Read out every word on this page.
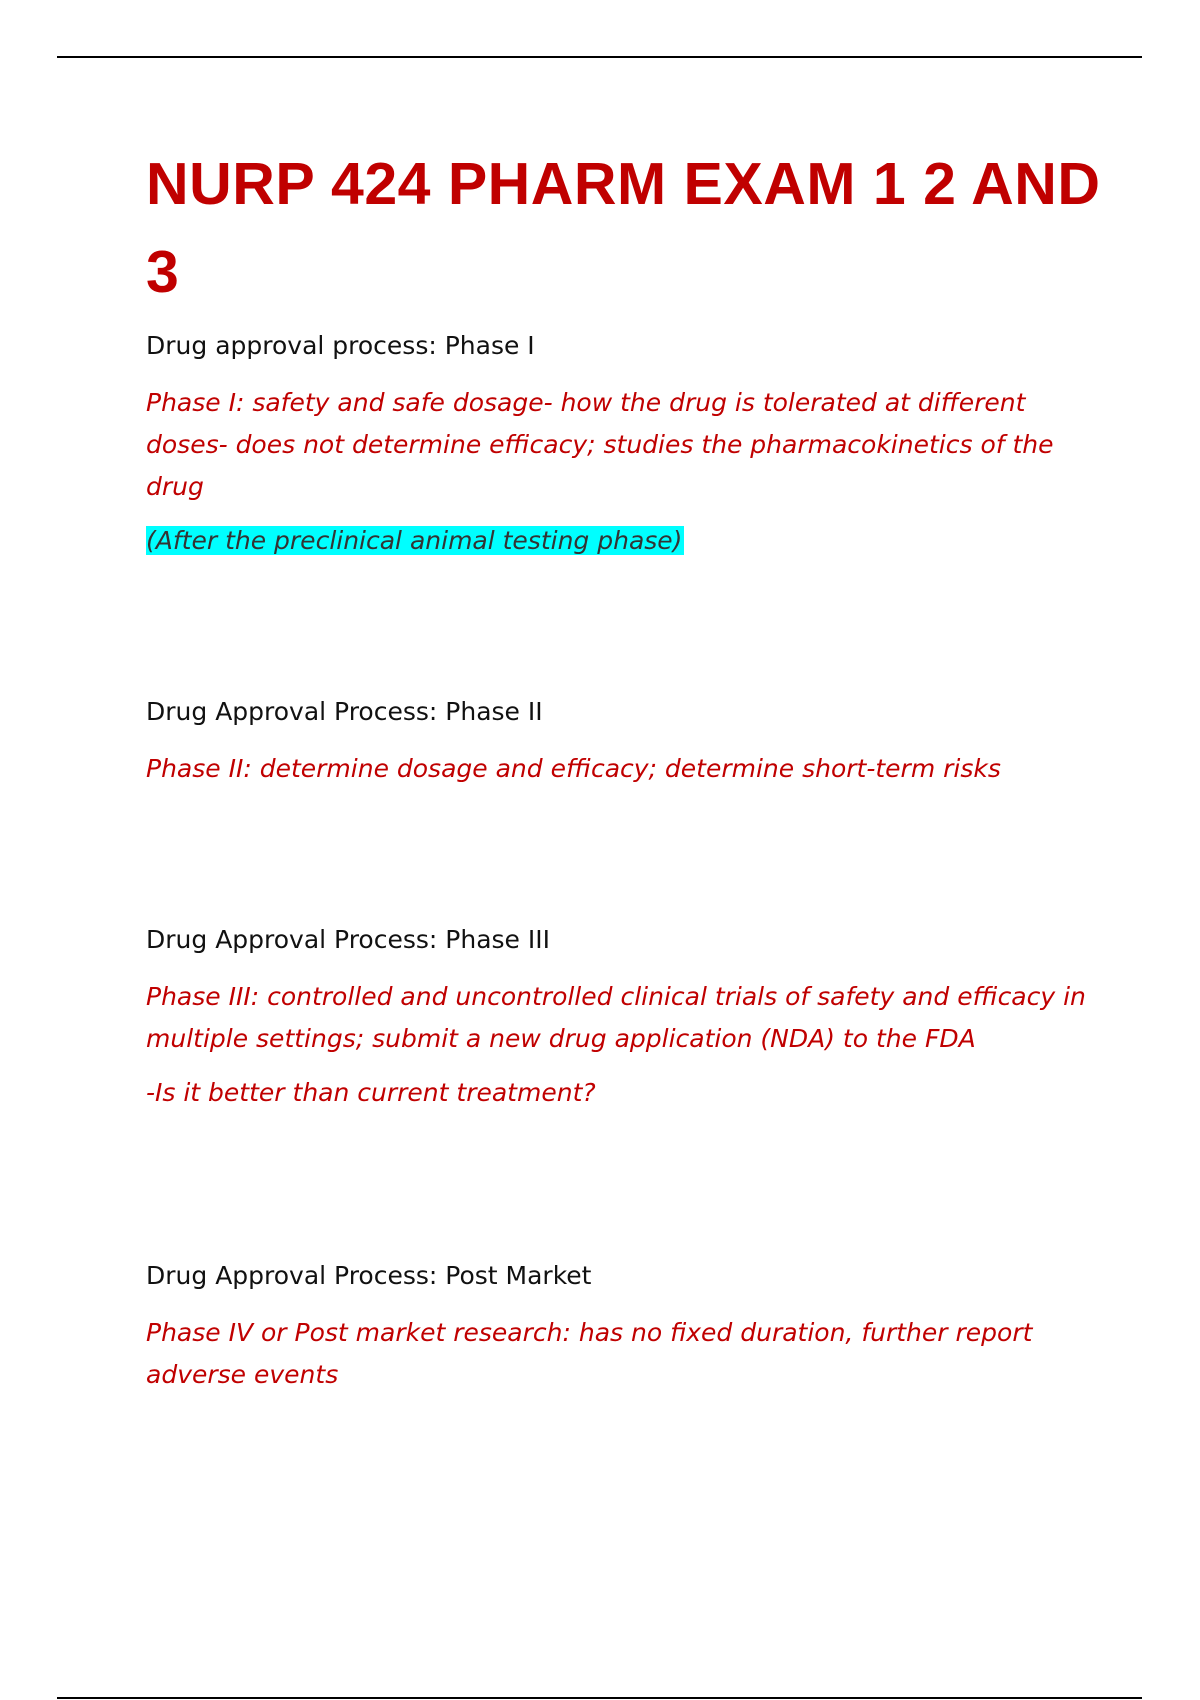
NURP 424 PHARM EXAM 1 2 AND 3

Drug approval process: Phase I

Phase I: safety and safe dosage- how the drug is tolerated at different doses- does not determine efficacy; studies the pharmacokinetics of the drug

(After the preclinical animal testing phase)

Drug Approval Process: Phase II

Phase II: determine dosage and efficacy; determine short-term risks

Drug Approval Process: Phase III

Phase III: controlled and uncontrolled clinical trials of safety and efficacy in multiple settings; submit a new drug application (NDA) to the FDA

-Is it better than current treatment?

Drug Approval Process: Post Market

Phase IV or Post market research: has no fixed duration, further report adverse events
